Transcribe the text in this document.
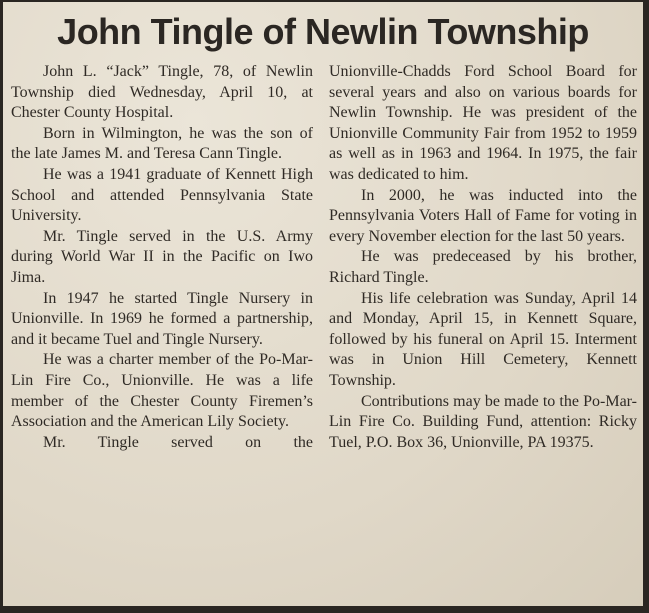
John Tingle of Newlin Township

John L. “Jack” Tingle, 78, of Newlin Township died Wednesday, April 10, at Chester County Hospital.

Born in Wilmington, he was the son of the late James M. and Teresa Cann Tingle.

He was a 1941 graduate of Kennett High School and attended Pennsylvania State University.

Mr. Tingle served in the U.S. Army during World War II in the Pacific on Iwo Jima.

In 1947 he started Tingle Nursery in Unionville. In 1969 he formed a partnership, and it became Tuel and Tingle Nursery.

He was a charter member of the Po-Mar-Lin Fire Co., Unionville. He was a life member of the Chester County Firemen’s Association and the American Lily Society.

Mr. Tingle served on the

Unionville-Chadds Ford School Board for several years and also on various boards for Newlin Township. He was president of the Unionville Community Fair from 1952 to 1959 as well as in 1963 and 1964. In 1975, the fair was dedicated to him.

In 2000, he was inducted into the Pennsylvania Voters Hall of Fame for voting in every November election for the last 50 years.

He was predeceased by his brother, Richard Tingle.

His life celebration was Sunday, April 14 and Monday, April 15, in Kennett Square, followed by his funeral on April 15. Interment was in Union Hill Cemetery, Kennett Township.

Contributions may be made to the Po-Mar-Lin Fire Co. Building Fund, attention: Ricky Tuel, P.O. Box 36, Unionville, PA 19375.
